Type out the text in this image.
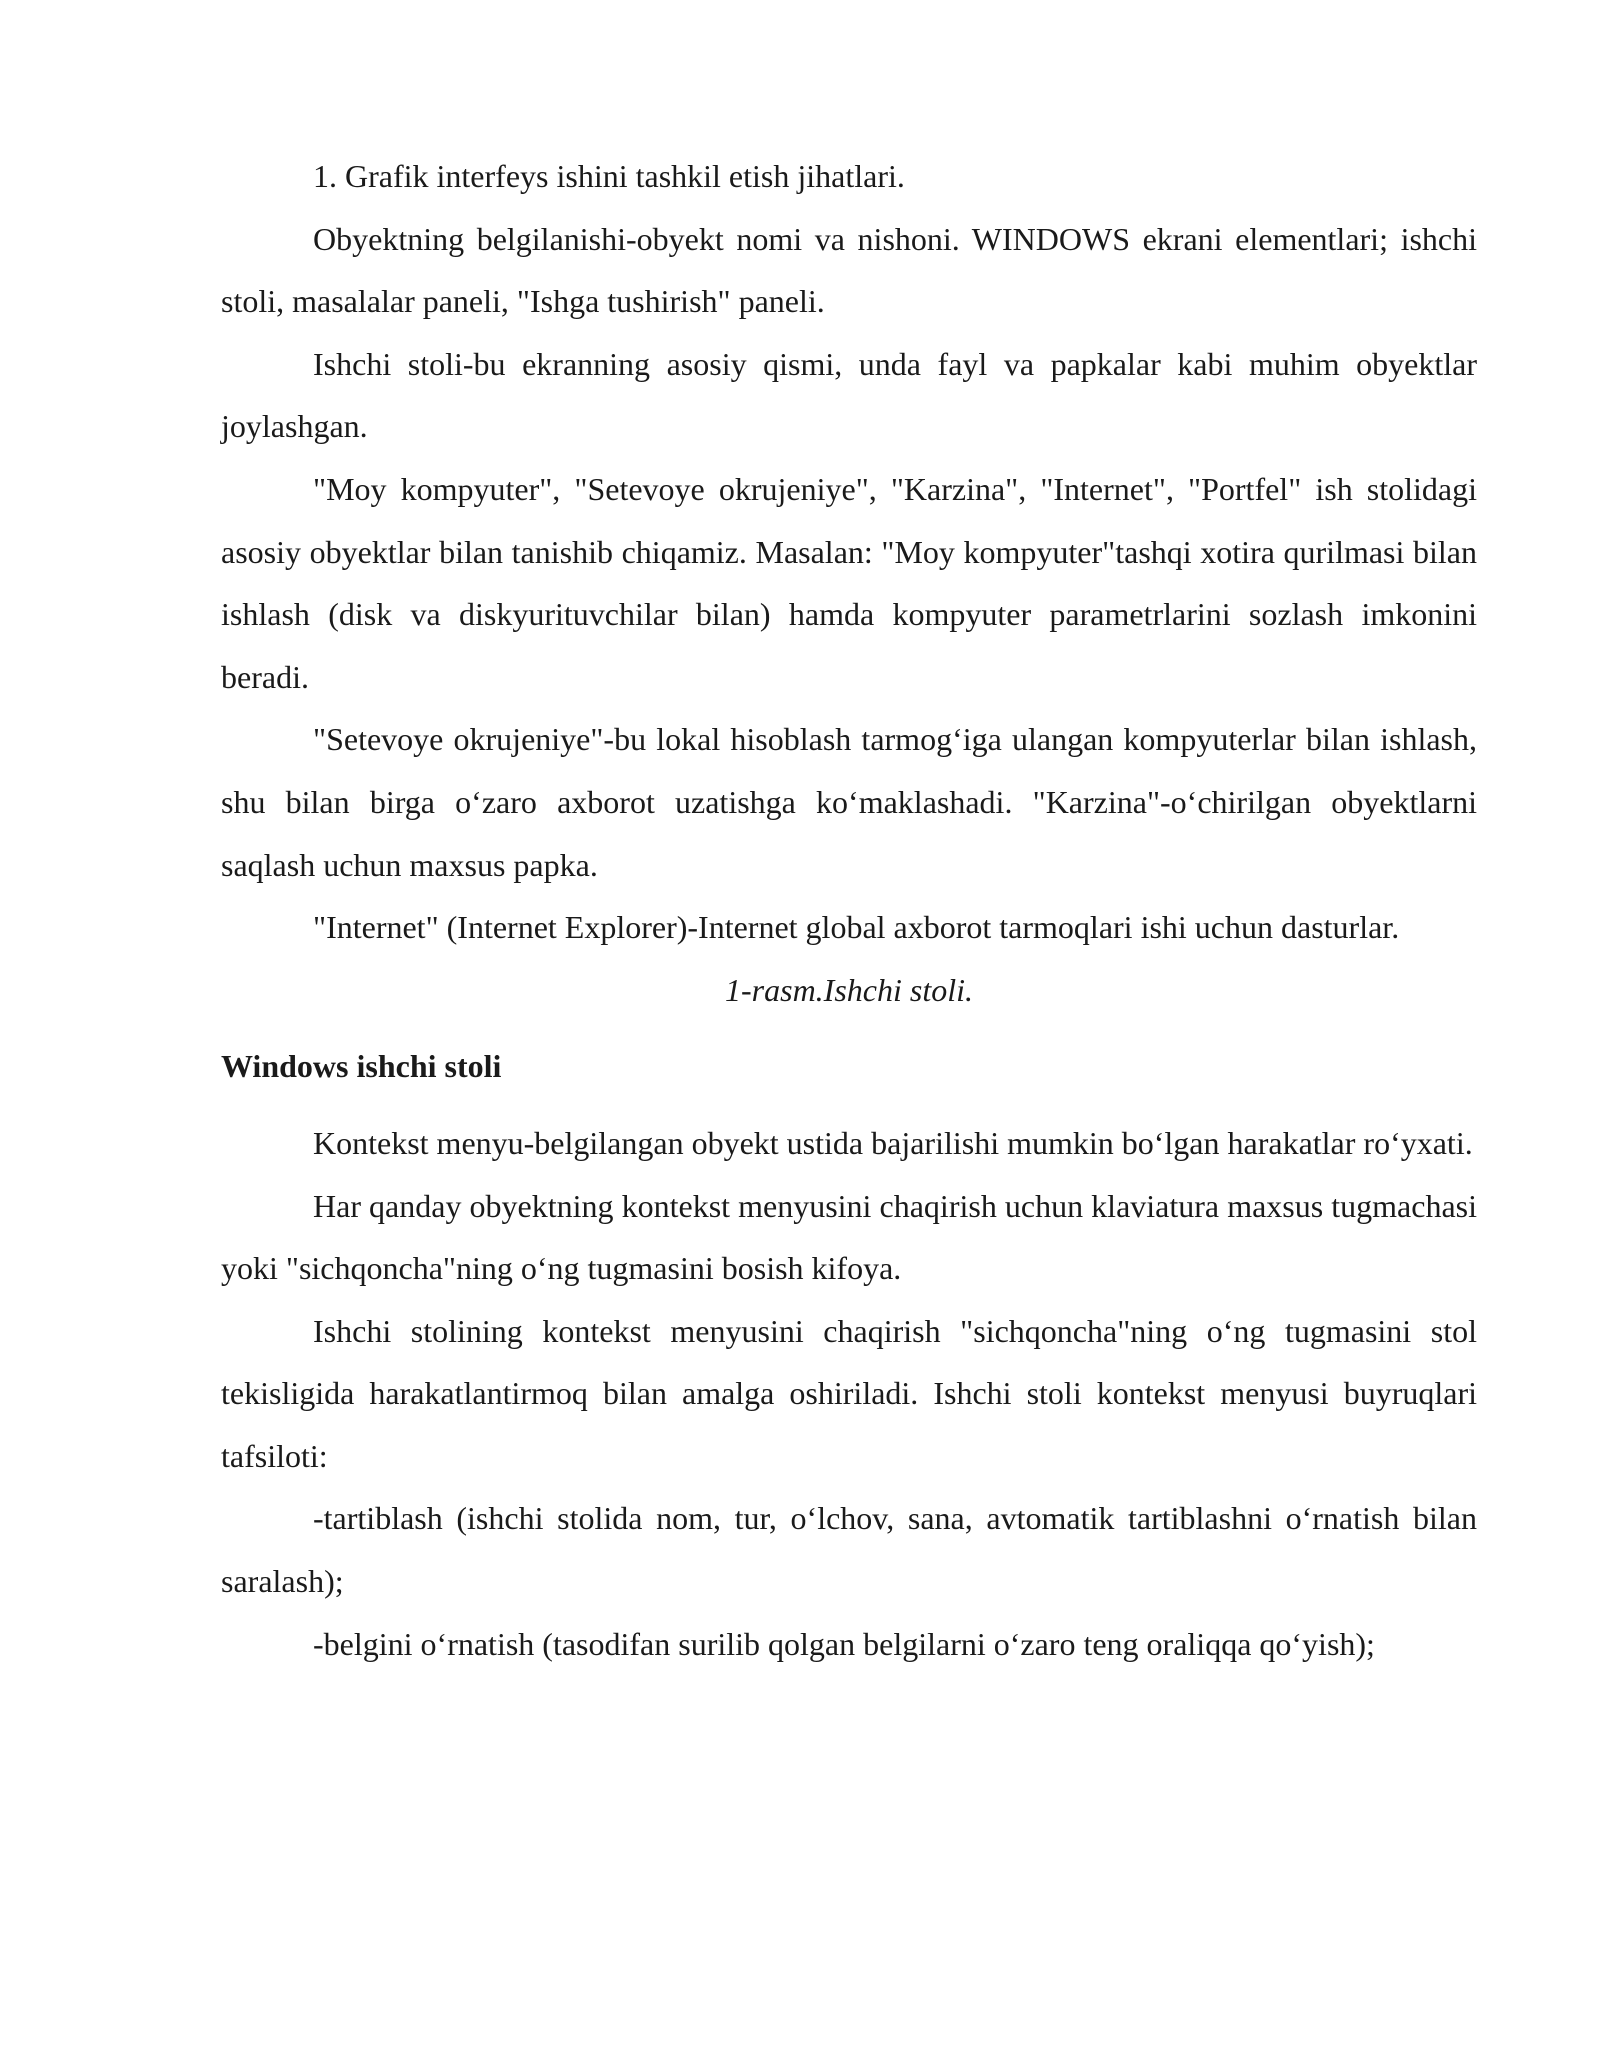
1. Grafik interfeys ishini tashkil etish jihatlari.

Obyektning belgilanishi-obyekt nomi va nishoni. WINDOWS ekrani elementlari; ishchi stoli, masalalar paneli, "Ishga tushirish" paneli.

Ishchi stoli-bu ekranning asosiy qismi, unda fayl va papkalar kabi muhim obyektlar joylashgan.

"Moy kompyuter", "Setevoye okrujeniye", "Karzina", "Internet", "Portfel" ish stolidagi asosiy obyektlar bilan tanishib chiqamiz. Masalan: "Moy kompyuter"tashqi xotira qurilmasi bilan ishlash (disk va diskyurituvchilar bilan) hamda kompyuter parametrlarini sozlash imkonini beradi.

"Setevoye okrujeniye"-bu lokal hisoblash tarmog‘iga ulangan kompyuterlar bilan ishlash, shu bilan birga o‘zaro axborot uzatishga ko‘maklashadi. "Karzina"-o‘chirilgan obyektlarni saqlash uchun maxsus papka.

"Internet" (Internet Explorer)-Internet global axborot tarmoqlari ishi uchun dasturlar.

1-rasm.Ishchi stoli.

Windows ishchi stoli

Kontekst menyu-belgilangan obyekt ustida bajarilishi mumkin bo‘lgan harakatlar ro‘yxati.

Har qanday obyektning kontekst menyusini chaqirish uchun klaviatura maxsus tugmachasi yoki "sichqoncha"ning o‘ng tugmasini bosish kifoya.

Ishchi stolining kontekst menyusini chaqirish "sichqoncha"ning o‘ng tugmasini stol tekisligida harakatlantirmoq bilan amalga oshiriladi. Ishchi stoli kontekst menyusi buyruqlari tafsiloti:

-tartiblash (ishchi stolida nom, tur, o‘lchov, sana, avtomatik tartiblashni o‘rnatish bilan saralash);

-belgini o‘rnatish (tasodifan surilib qolgan belgilarni o‘zaro teng oraliqqa qo‘yish);
